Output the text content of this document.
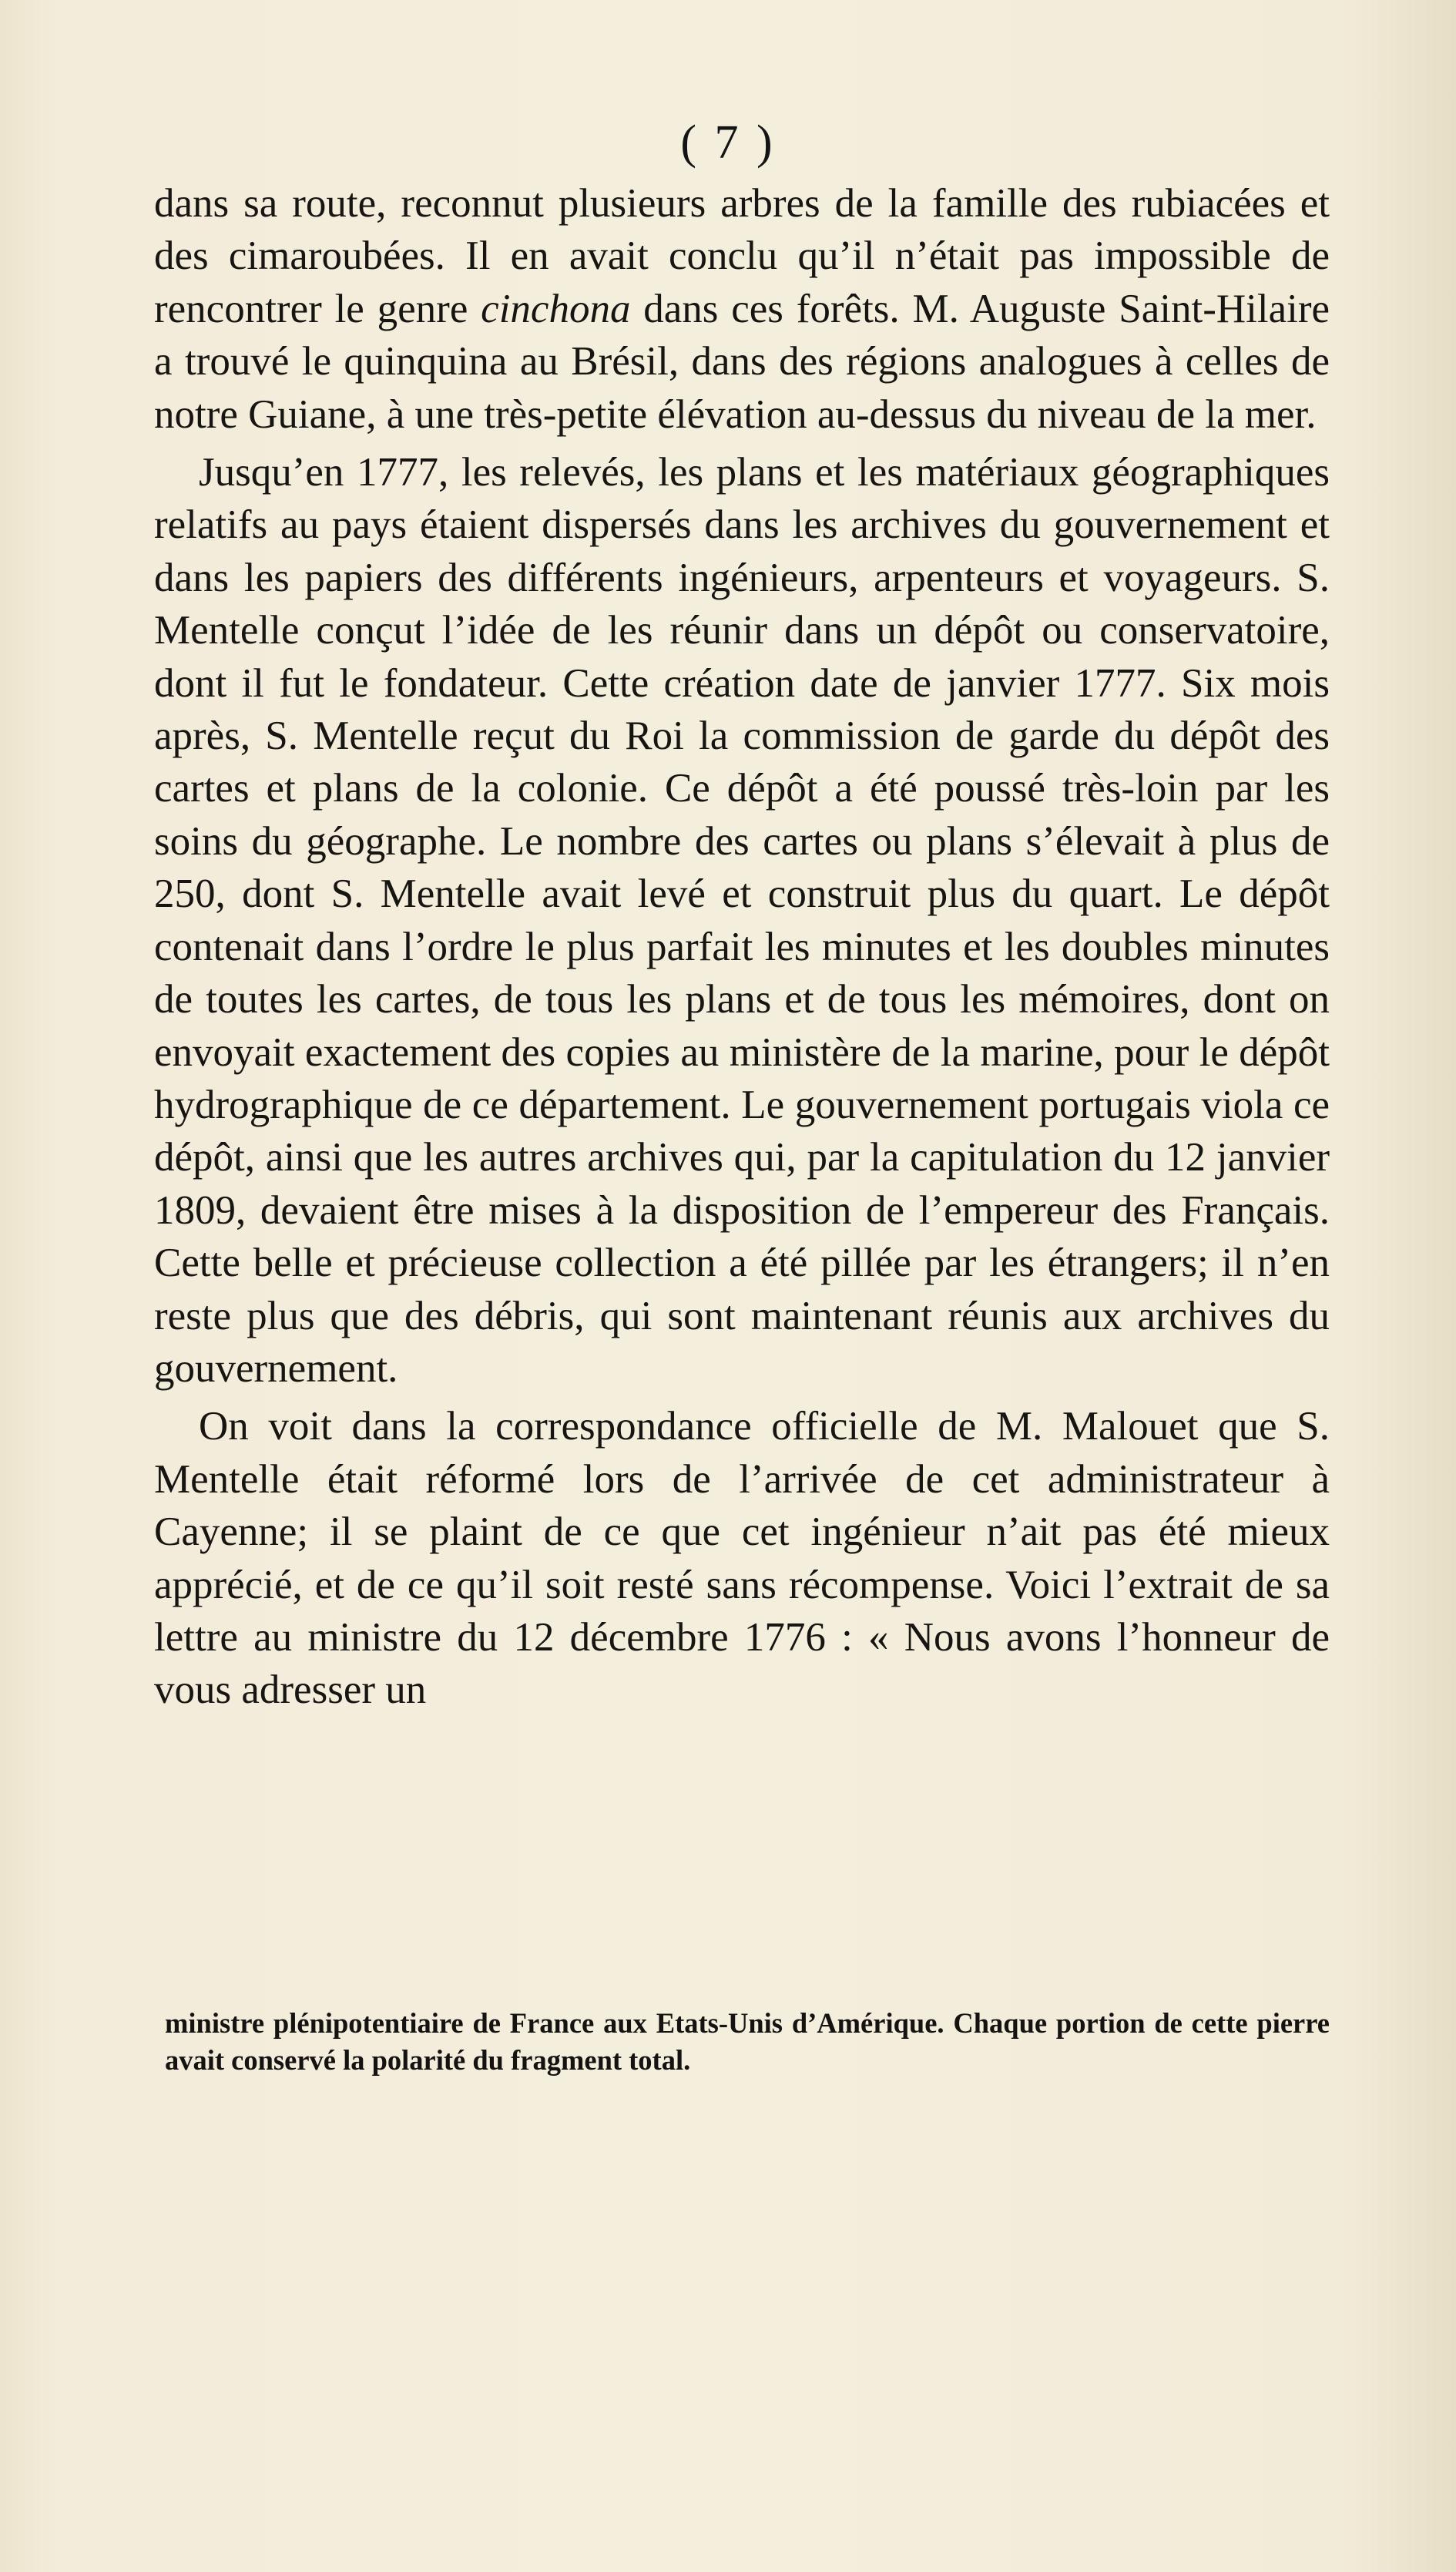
( 7 )

dans sa route, reconnut plusieurs arbres de la famille des rubiacées et des cimaroubées. Il en avait conclu qu’il n’était pas impossible de rencontrer le genre cinchona dans ces forêts. M. Auguste Saint-Hilaire a trouvé le quinquina au Brésil, dans des régions analogues à celles de notre Guiane, à une très-petite élévation au-dessus du niveau de la mer.

Jusqu’en 1777, les relevés, les plans et les matériaux géographiques relatifs au pays étaient dispersés dans les archives du gouvernement et dans les papiers des différents ingénieurs, arpenteurs et voyageurs. S. Mentelle conçut l’idée de les réunir dans un dépôt ou conservatoire, dont il fut le fondateur. Cette création date de janvier 1777. Six mois après, S. Mentelle reçut du Roi la commission de garde du dépôt des cartes et plans de la colonie. Ce dépôt a été poussé très-loin par les soins du géographe. Le nombre des cartes ou plans s’élevait à plus de 250, dont S. Mentelle avait levé et construit plus du quart. Le dépôt contenait dans l’ordre le plus parfait les minutes et les doubles minutes de toutes les cartes, de tous les plans et de tous les mémoires, dont on envoyait exactement des copies au ministère de la marine, pour le dépôt hydrographique de ce département. Le gouvernement portugais viola ce dépôt, ainsi que les autres archives qui, par la capitulation du 12 janvier 1809, devaient être mises à la disposition de l’empereur des Français. Cette belle et précieuse collection a été pillée par les étrangers; il n’en reste plus que des débris, qui sont maintenant réunis aux archives du gouvernement.

On voit dans la correspondance officielle de M. Malouet que S. Mentelle était réformé lors de l’arrivée de cet administrateur à Cayenne; il se plaint de ce que cet ingénieur n’ait pas été mieux apprécié, et de ce qu’il soit resté sans récompense. Voici l’extrait de sa lettre au ministre du 12 décembre 1776 : « Nous avons l’honneur de vous adresser un

ministre plénipotentiaire de France aux Etats-Unis d’Amérique. Chaque portion de cette pierre avait conservé la polarité du fragment total.
